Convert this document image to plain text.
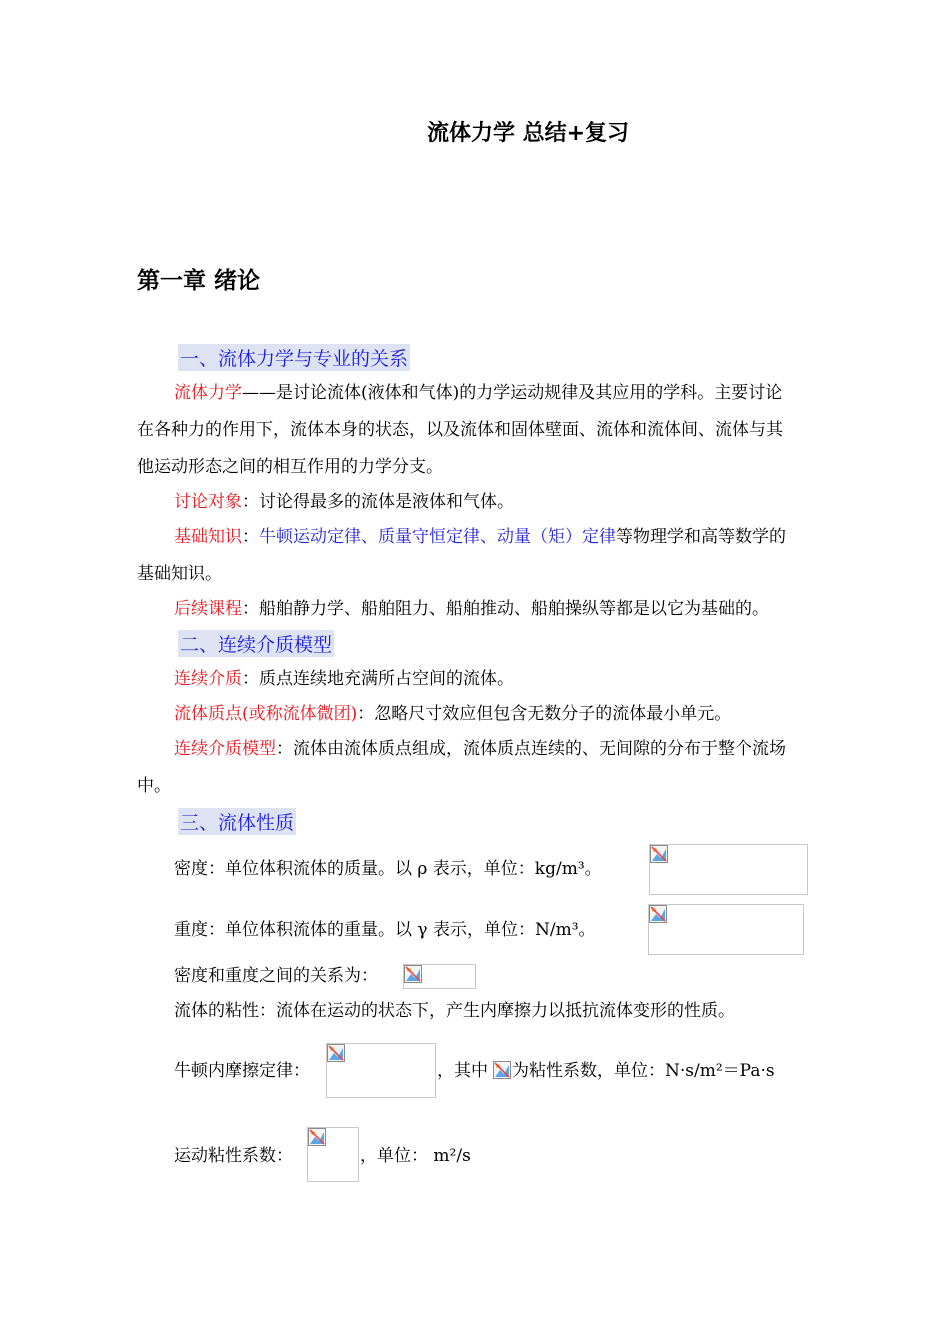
流体力学 总结+复习
第一章 绪论
一、流体力学与专业的关系
流体力学——是讨论流体(液体和气体)的力学运动规律及其应用的学科。主要讨论
在各种力的作用下，流体本身的状态，以及流体和固体壁面、流体和流体间、流体与其
他运动形态之间的相互作用的力学分支。
讨论对象：讨论得最多的流体是液体和气体。
基础知识：牛顿运动定律、质量守恒定律、动量（矩）定律等物理学和高等数学的
基础知识。
后续课程：船舶静力学、船舶阻力、船舶推动、船舶操纵等都是以它为基础的。
二、连续介质模型
连续介质：质点连续地充满所占空间的流体。
流体质点(或称流体微团)：忽略尺寸效应但包含无数分子的流体最小单元。
连续介质模型：流体由流体质点组成，流体质点连续的、无间隙的分布于整个流场
中。
三、流体性质
密度：单位体积流体的质量。以 ρ 表示，单位：kg/m³。
重度：单位体积流体的重量。以 γ 表示，单位：N/m³。
密度和重度之间的关系为：
流体的粘性：流体在运动的状态下，产生内摩擦力以抵抗流体变形的性质。
牛顿内摩擦定律：	，其中 为粘性系数，单位：N·s/m²＝Pa·s
运动粘性系数：	，单位： m²/s
